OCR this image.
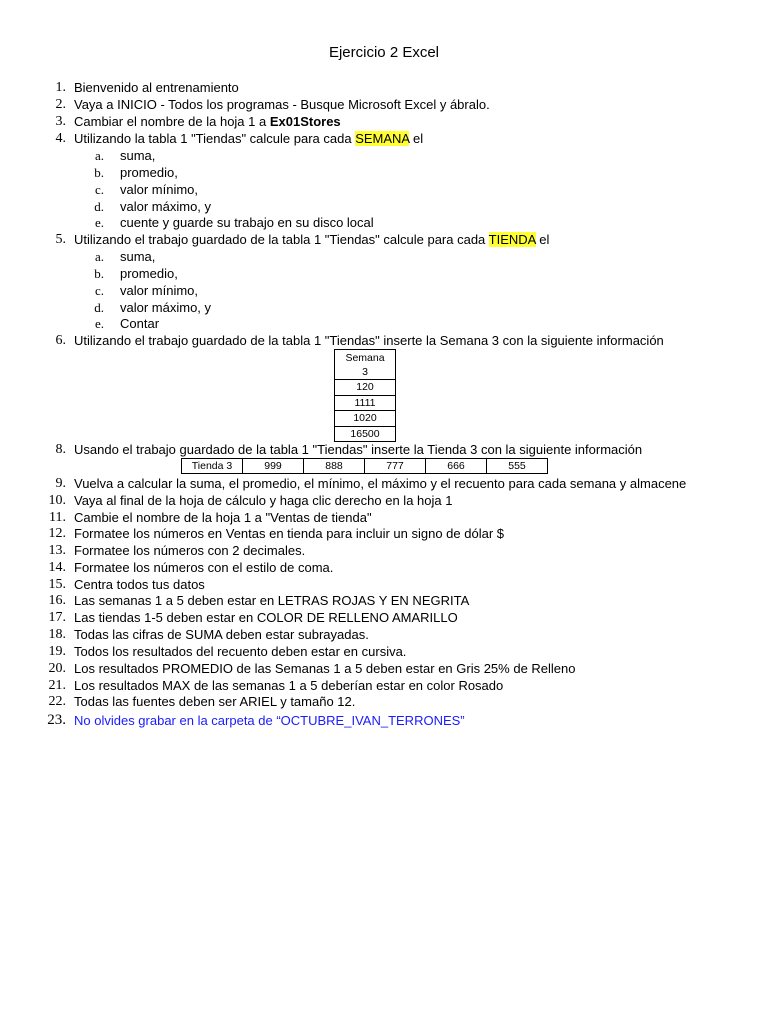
Ejercicio 2 Excel
1. Bienvenido al entrenamiento
2. Vaya a INICIO - Todos los programas - Busque Microsoft Excel y ábralo.
3. Cambiar el nombre de la hoja 1 a Ex01Stores
4. Utilizando la tabla 1 "Tiendas" calcule para cada SEMANA el
a. suma,
b. promedio,
c. valor mínimo,
d. valor máximo, y
e. cuente y guarde su trabajo en su disco local
5. Utilizando el trabajo guardado de la tabla 1 "Tiendas" calcule para cada TIENDA el
a. suma,
b. promedio,
c. valor mínimo,
d. valor máximo, y
e. Contar
6. Utilizando el trabajo guardado de la tabla 1 "Tiendas" inserte la Semana 3 con la siguiente información
Semana
3
120
1111
1020
16500
8. Usando el trabajo guardado de la tabla 1 "Tiendas" inserte la Tienda 3 con la siguiente información
Tienda 3	999	888	777	666	555
9. Vuelva a calcular la suma, el promedio, el mínimo, el máximo y el recuento para cada semana y almacene
10. Vaya al final de la hoja de cálculo y haga clic derecho en la hoja 1
11. Cambie el nombre de la hoja 1 a "Ventas de tienda"
12. Formatee los números en Ventas en tienda para incluir un signo de dólar $
13. Formatee los números con 2 decimales.
14. Formatee los números con el estilo de coma.
15. Centra todos tus datos
16. Las semanas 1 a 5 deben estar en LETRAS ROJAS Y EN NEGRITA
17. Las tiendas 1-5 deben estar en COLOR DE RELLENO AMARILLO
18. Todas las cifras de SUMA deben estar subrayadas.
19. Todos los resultados del recuento deben estar en cursiva.
20. Los resultados PROMEDIO de las Semanas 1 a 5 deben estar en Gris 25% de Relleno
21. Los resultados MAX de las semanas 1 a 5 deberían estar en color Rosado
22. Todas las fuentes deben ser ARIEL y tamaño 12.
23. No olvides grabar en la carpeta de “OCTUBRE_IVAN_TERRONES”
